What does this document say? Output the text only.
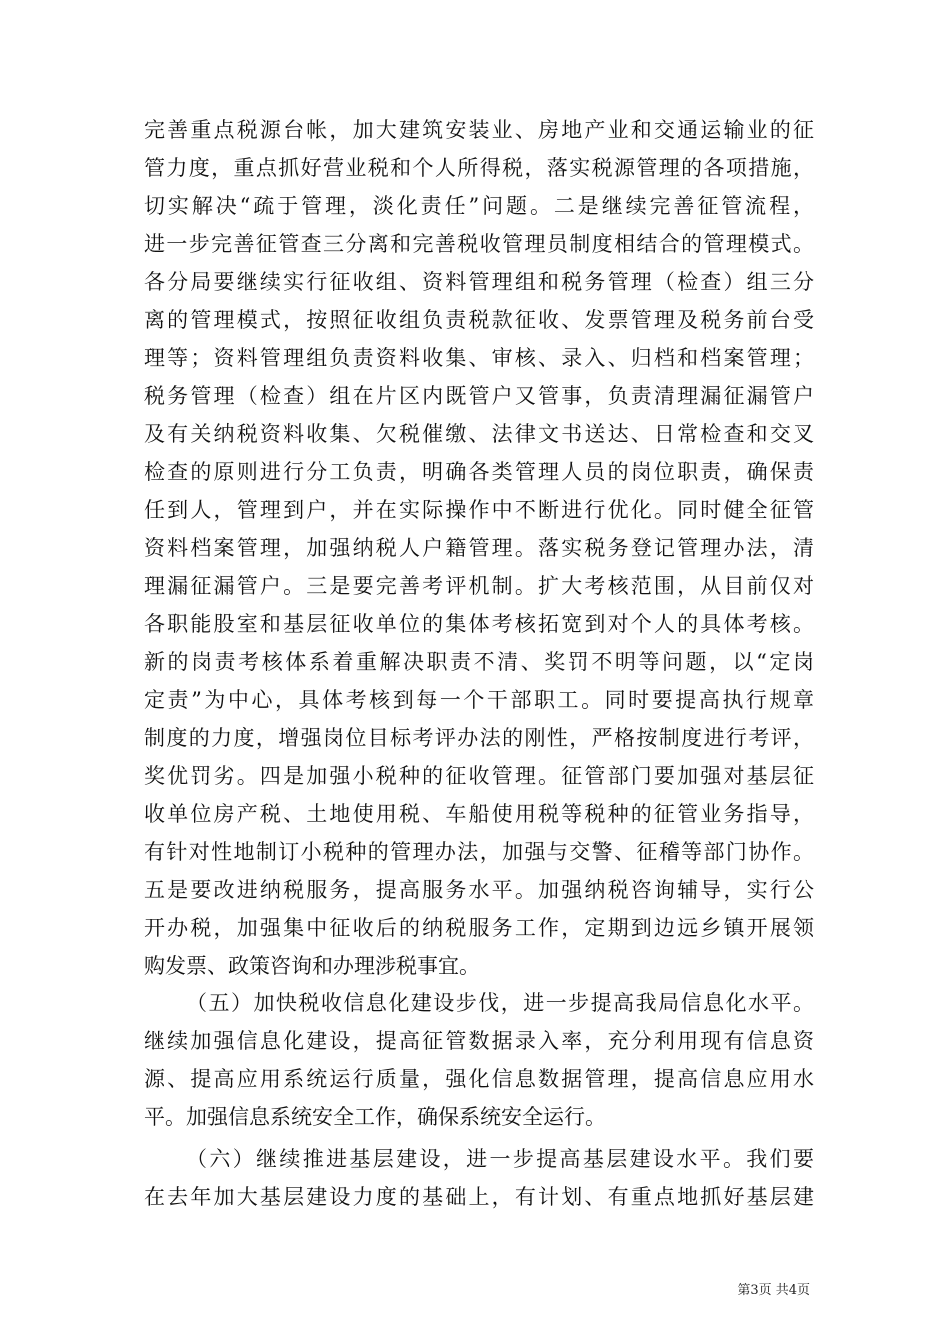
完善重点税源台帐，加大建筑安装业、房地产业和交通运输业的征
管力度，重点抓好营业税和个人所得税，落实税源管理的各项措施，
切实解决“疏于管理，淡化责任”问题。二是继续完善征管流程，
进一步完善征管查三分离和完善税收管理员制度相结合的管理模式。
各分局要继续实行征收组、资料管理组和税务管理（检查）组三分
离的管理模式，按照征收组负责税款征收、发票管理及税务前台受
理等；资料管理组负责资料收集、审核、录入、归档和档案管理；
税务管理（检查）组在片区内既管户又管事，负责清理漏征漏管户
及有关纳税资料收集、欠税催缴、法律文书送达、日常检查和交叉
检查的原则进行分工负责，明确各类管理人员的岗位职责，确保责
任到人，管理到户，并在实际操作中不断进行优化。同时健全征管
资料档案管理，加强纳税人户籍管理。落实税务登记管理办法，清
理漏征漏管户。三是要完善考评机制。扩大考核范围，从目前仅对
各职能股室和基层征收单位的集体考核拓宽到对个人的具体考核。
新的岗责考核体系着重解决职责不清、奖罚不明等问题，以“定岗
定责”为中心，具体考核到每一个干部职工。同时要提高执行规章
制度的力度，增强岗位目标考评办法的刚性，严格按制度进行考评，
奖优罚劣。四是加强小税种的征收管理。征管部门要加强对基层征
收单位房产税、土地使用税、车船使用税等税种的征管业务指导，
有针对性地制订小税种的管理办法，加强与交警、征稽等部门协作。
五是要改进纳税服务，提高服务水平。加强纳税咨询辅导，实行公
开办税，加强集中征收后的纳税服务工作，定期到边远乡镇开展领
购发票、政策咨询和办理涉税事宜。
（五）加快税收信息化建设步伐，进一步提高我局信息化水平。
继续加强信息化建设，提高征管数据录入率，充分利用现有信息资
源、提高应用系统运行质量，强化信息数据管理，提高信息应用水
平。加强信息系统安全工作，确保系统安全运行。
（六）继续推进基层建设，进一步提高基层建设水平。我们要
在去年加大基层建设力度的基础上，有计划、有重点地抓好基层建
第3页 共4页
